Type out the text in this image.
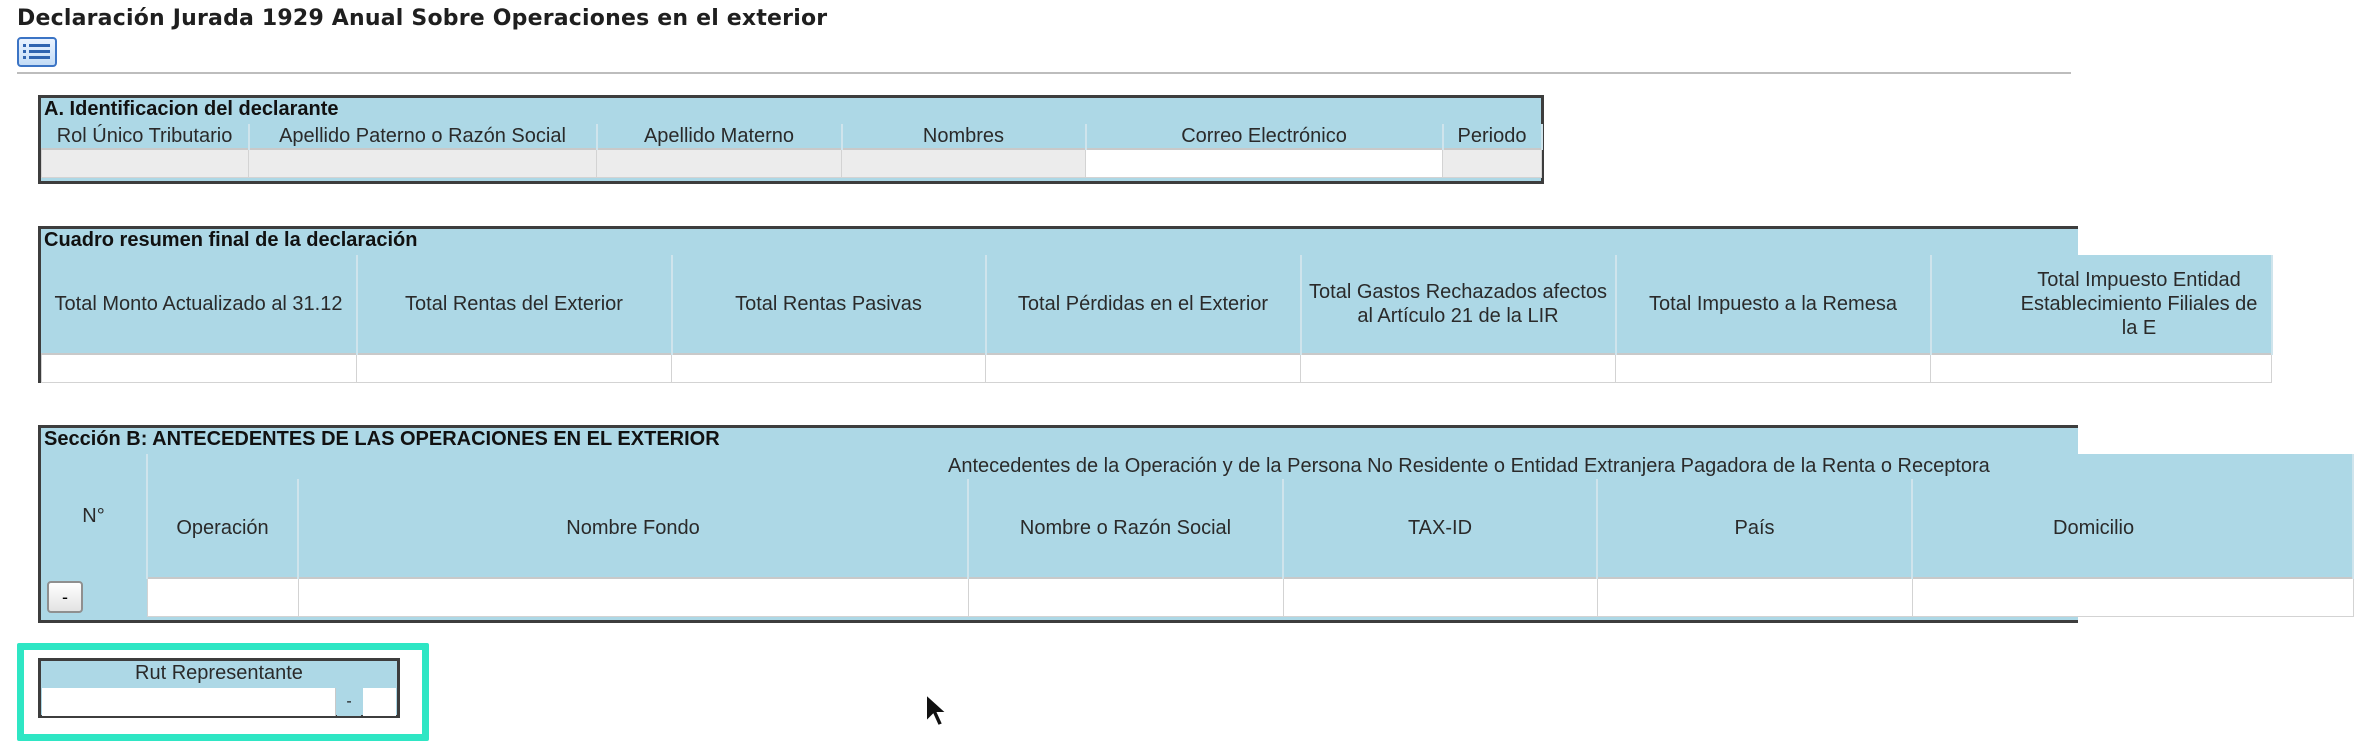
Declaración Jurada 1929 Anual Sobre Operaciones en el exterior
A. Identificacion del declarante
Rol Único Tributario	Apellido Paterno o Razón Social	Apellido Materno	Nombres	Correo Electrónico	Periodo

Cuadro resumen final de la declaración
Total Monto Actualizado al 31.12	Total Rentas del Exterior	Total Rentas Pasivas	Total Pérdidas en el Exterior	Total Gastos Rechazados afectos al Artículo 21 de la LIR	Total Impuesto a la Remesa	Total Impuesto Entidad Establecimiento Filiales de la E

Sección B: ANTECEDENTES DE LAS OPERACIONES EN EL EXTERIOR
N°	Antecedentes de la Operación y de la Persona No Residente o Entidad Extranjera Pagadora de la Renta o Receptora					
	Operación	Nombre Fondo	Nombre o Razón Social	TAX-ID	País	Domicilio

-						

Rut Representante
-
